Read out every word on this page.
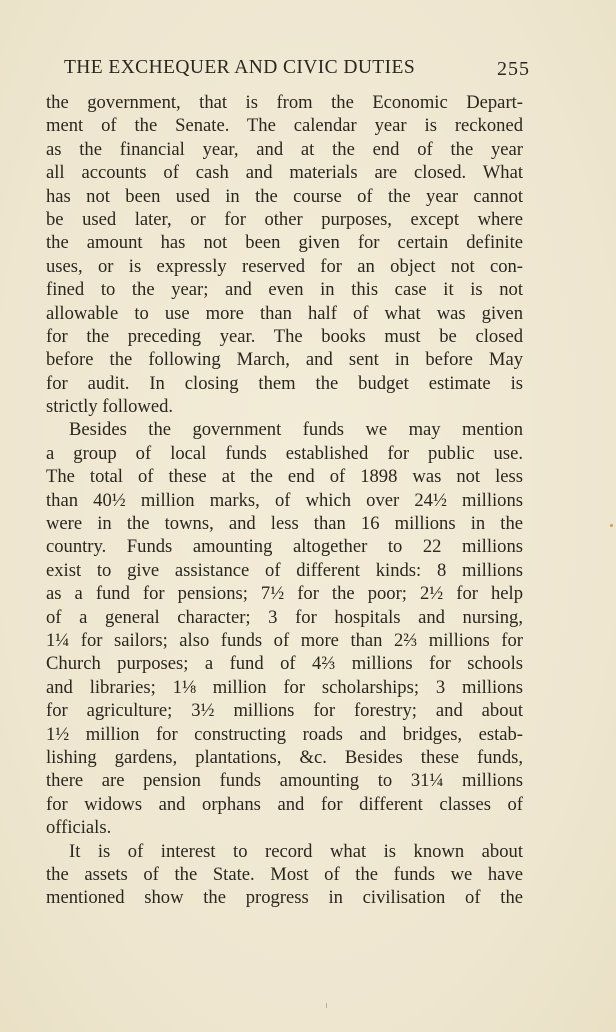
THE EXCHEQUER AND CIVIC DUTIES	255
the government, that is from the Economic Depart-
ment of the Senate. The calendar year is reckoned
as the financial year, and at the end of the year
all accounts of cash and materials are closed. What
has not been used in the course of the year cannot
be used later, or for other purposes, except where
the amount has not been given for certain definite
uses, or is expressly reserved for an object not con-
fined to the year; and even in this case it is not
allowable to use more than half of what was given
for the preceding year. The books must be closed
before the following March, and sent in before May
for audit. In closing them the budget estimate is
strictly followed.
Besides the government funds we may mention
a group of local funds established for public use.
The total of these at the end of 1898 was not less
than 40½ million marks, of which over 24½ millions
were in the towns, and less than 16 millions in the
country. Funds amounting altogether to 22 millions
exist to give assistance of different kinds: 8 millions
as a fund for pensions; 7½ for the poor; 2½ for help
of a general character; 3 for hospitals and nursing,
1¼ for sailors; also funds of more than 2⅔ millions for
Church purposes; a fund of 4⅔ millions for schools
and libraries; 1⅛ million for scholarships; 3 millions
for agriculture; 3½ millions for forestry; and about
1½ million for constructing roads and bridges, estab-
lishing gardens, plantations, &c. Besides these funds,
there are pension funds amounting to 31¼ millions
for widows and orphans and for different classes of
officials.
It is of interest to record what is known about
the assets of the State. Most of the funds we have
mentioned show the progress in civilisation of the
